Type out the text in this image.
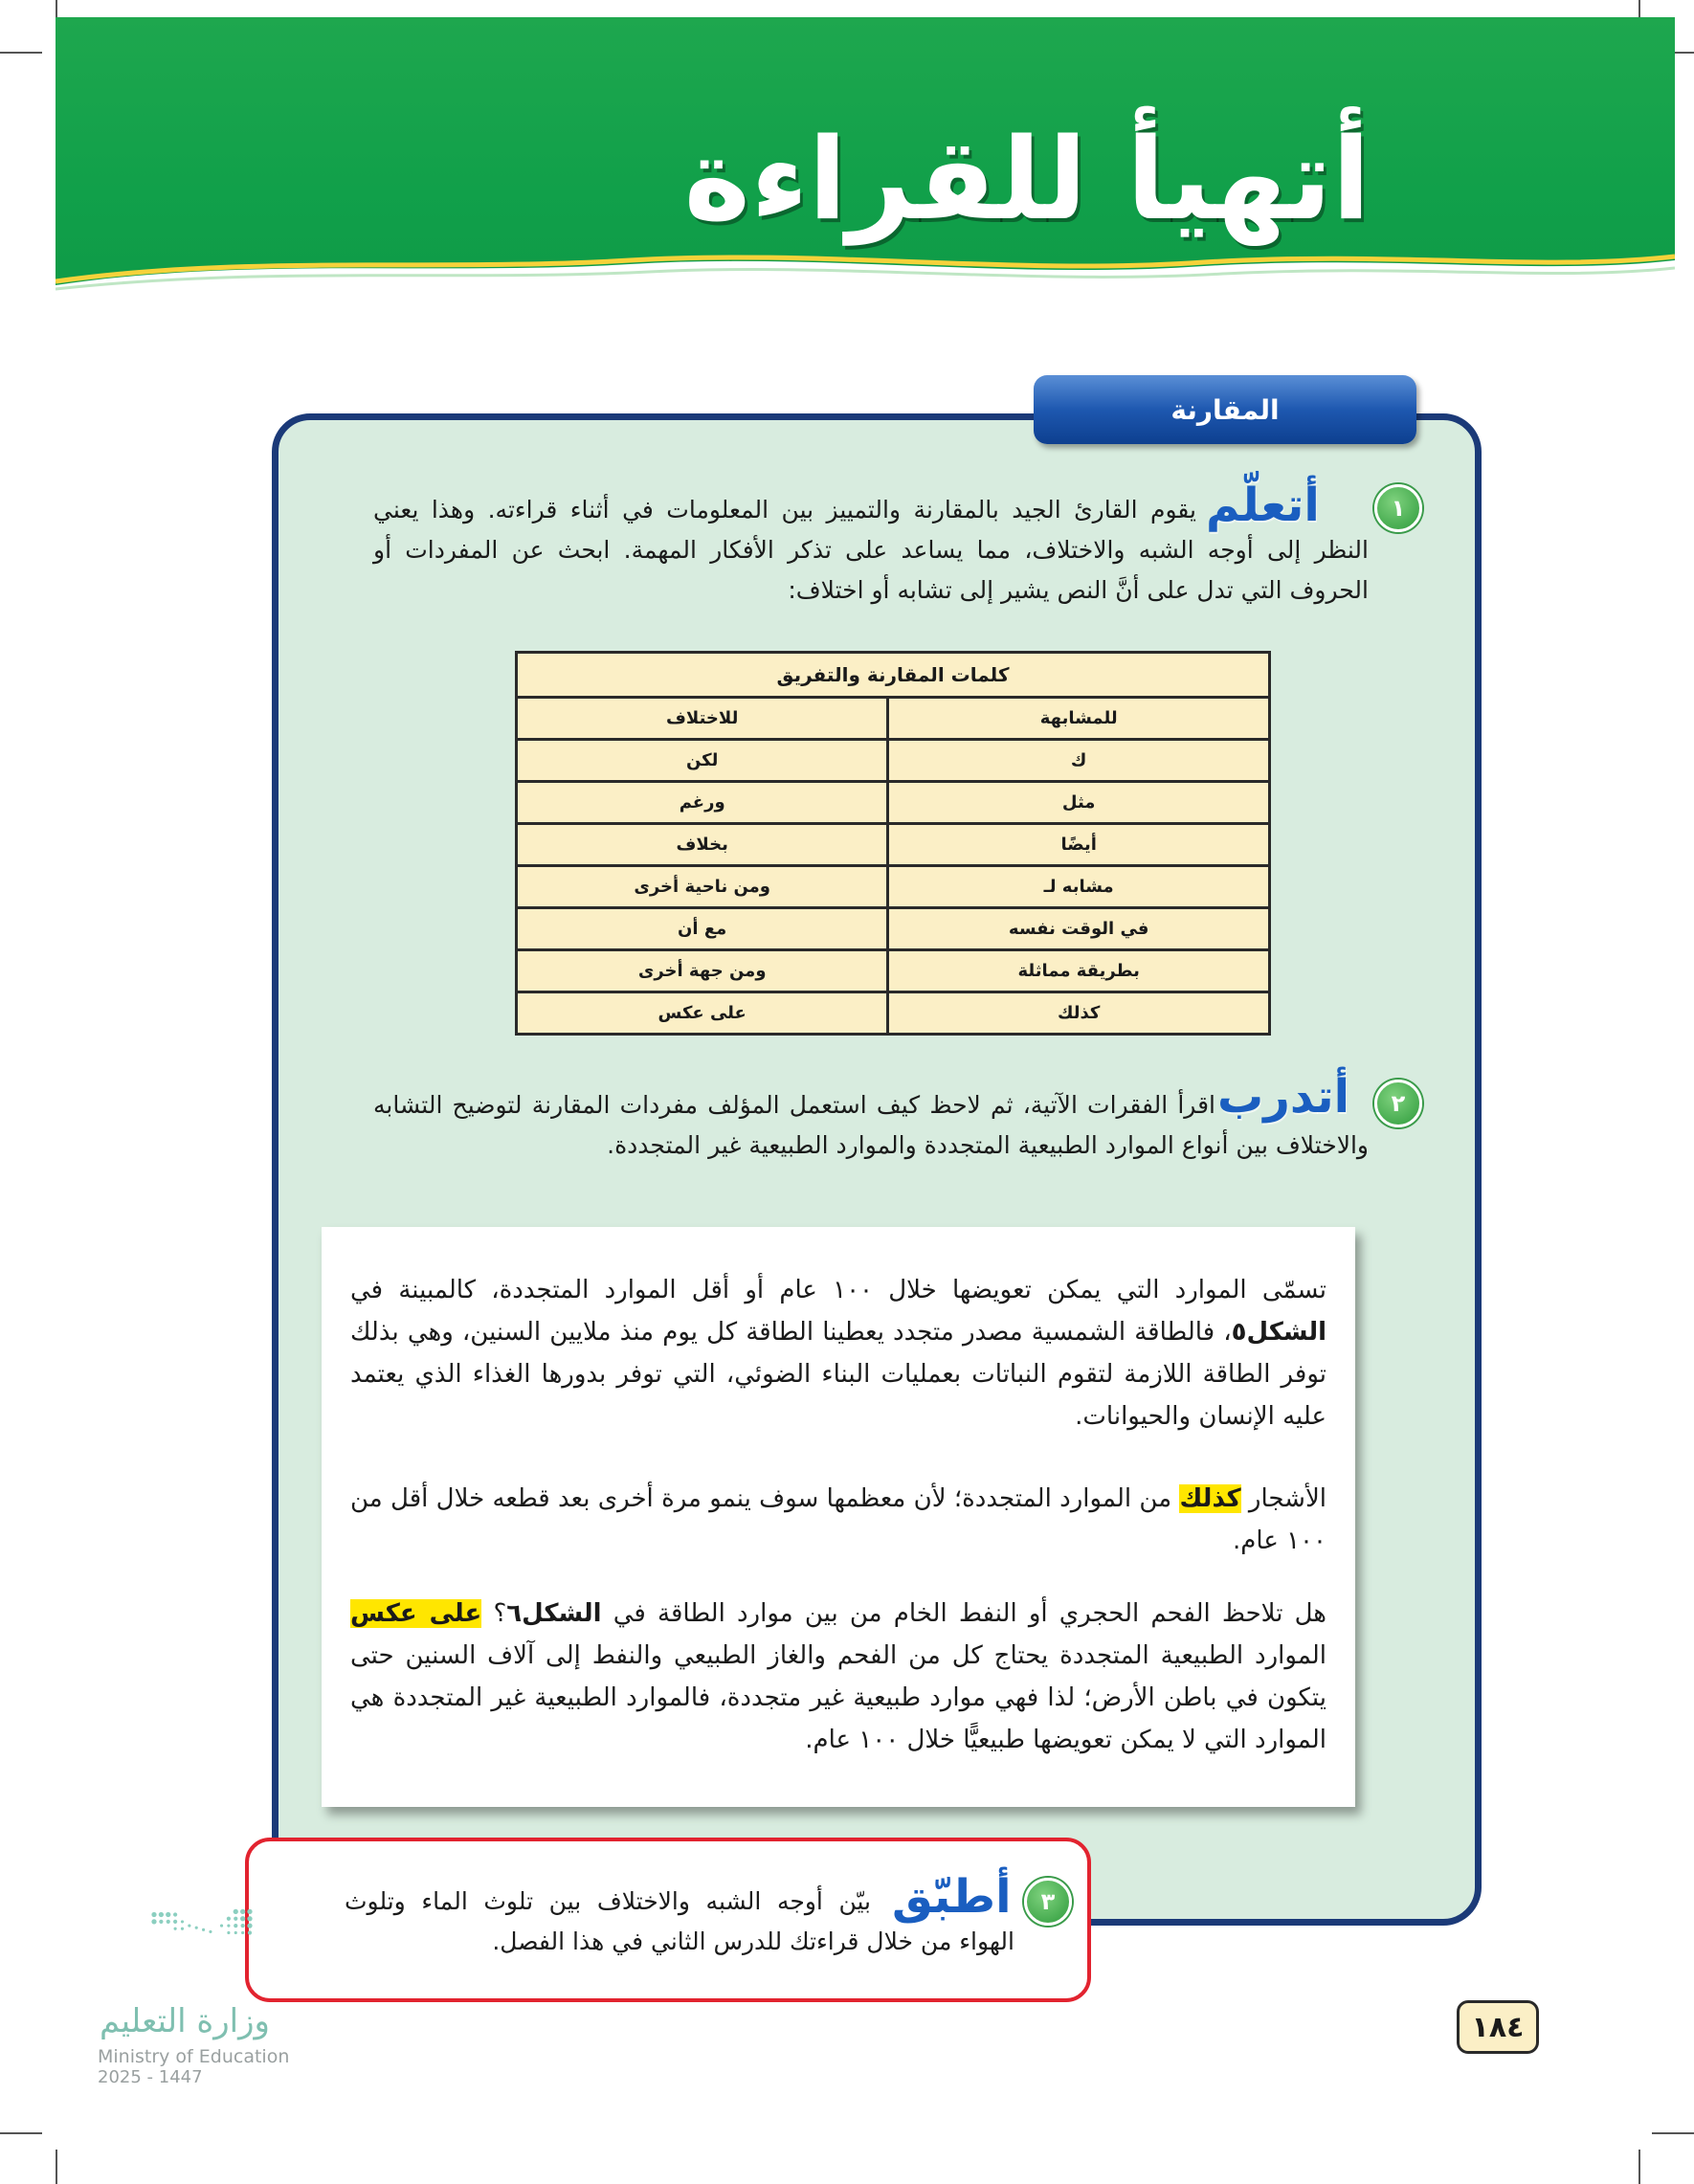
أتهيأ للقراءة
المقارنة
١
أتعلّم
يقوم القارئ الجيد بالمقارنة والتمييز بين المعلومات في أثناء قراءته. وهذا يعني النظر إلى أوجه الشبه والاختلاف، مما يساعد على تذكر الأفكار المهمة. ابحث عن المفردات أو الحروف التي تدل على أنَّ النص يشير إلى تشابه أو اختلاف:
كلمات المقارنة والتفريق	
للمشابهة	للاختلاف
ك	لكن
مثل	ورغم
أيضًا	بخلاف
مشابه لـ	ومن ناحية أخرى
في الوقت نفسه	مع أن
بطريقة مماثلة	ومن جهة أخرى
كذلك	على عكس
٢
أتدرب
اقرأ الفقرات الآتية، ثم لاحظ كيف استعمل المؤلف مفردات المقارنة لتوضيح التشابه والاختلاف بين أنواع الموارد الطبيعية المتجددة والموارد الطبيعية غير المتجددة.

تسمّى الموارد التي يمكن تعويضها خلال ١٠٠ عام أو أقل الموارد المتجددة، كالمبينة في الشكل٥، فالطاقة الشمسية مصدر متجدد يعطينا الطاقة كل يوم منذ ملايين السنين، وهي بذلك توفر الطاقة اللازمة لتقوم النباتات بعمليات البناء الضوئي، التي توفر بدورها الغذاء الذي يعتمد عليه الإنسان والحيوانات.

الأشجار كذلك من الموارد المتجددة؛ لأن معظمها سوف ينمو مرة أخرى بعد قطعه خلال أقل من ١٠٠ عام.

هل تلاحظ الفحم الحجري أو النفط الخام من بين موارد الطاقة في الشكل٦؟ على عكس الموارد الطبيعية المتجددة يحتاج كل من الفحم والغاز الطبيعي والنفط إلى آلاف السنين حتى يتكون في باطن الأرض؛ لذا فهي موارد طبيعية غير متجددة، فالموارد الطبيعية غير المتجددة هي الموارد التي لا يمكن تعويضها طبيعيًّا خلال ١٠٠ عام.

٣
أطبّق
بيّن أوجه الشبه والاختلاف بين تلوث الماء وتلوث الهواء من خلال قراءتك للدرس الثاني في هذا الفصل.
١٨٤
وزارة التعليم
Ministry of Education
2025 - 1447
